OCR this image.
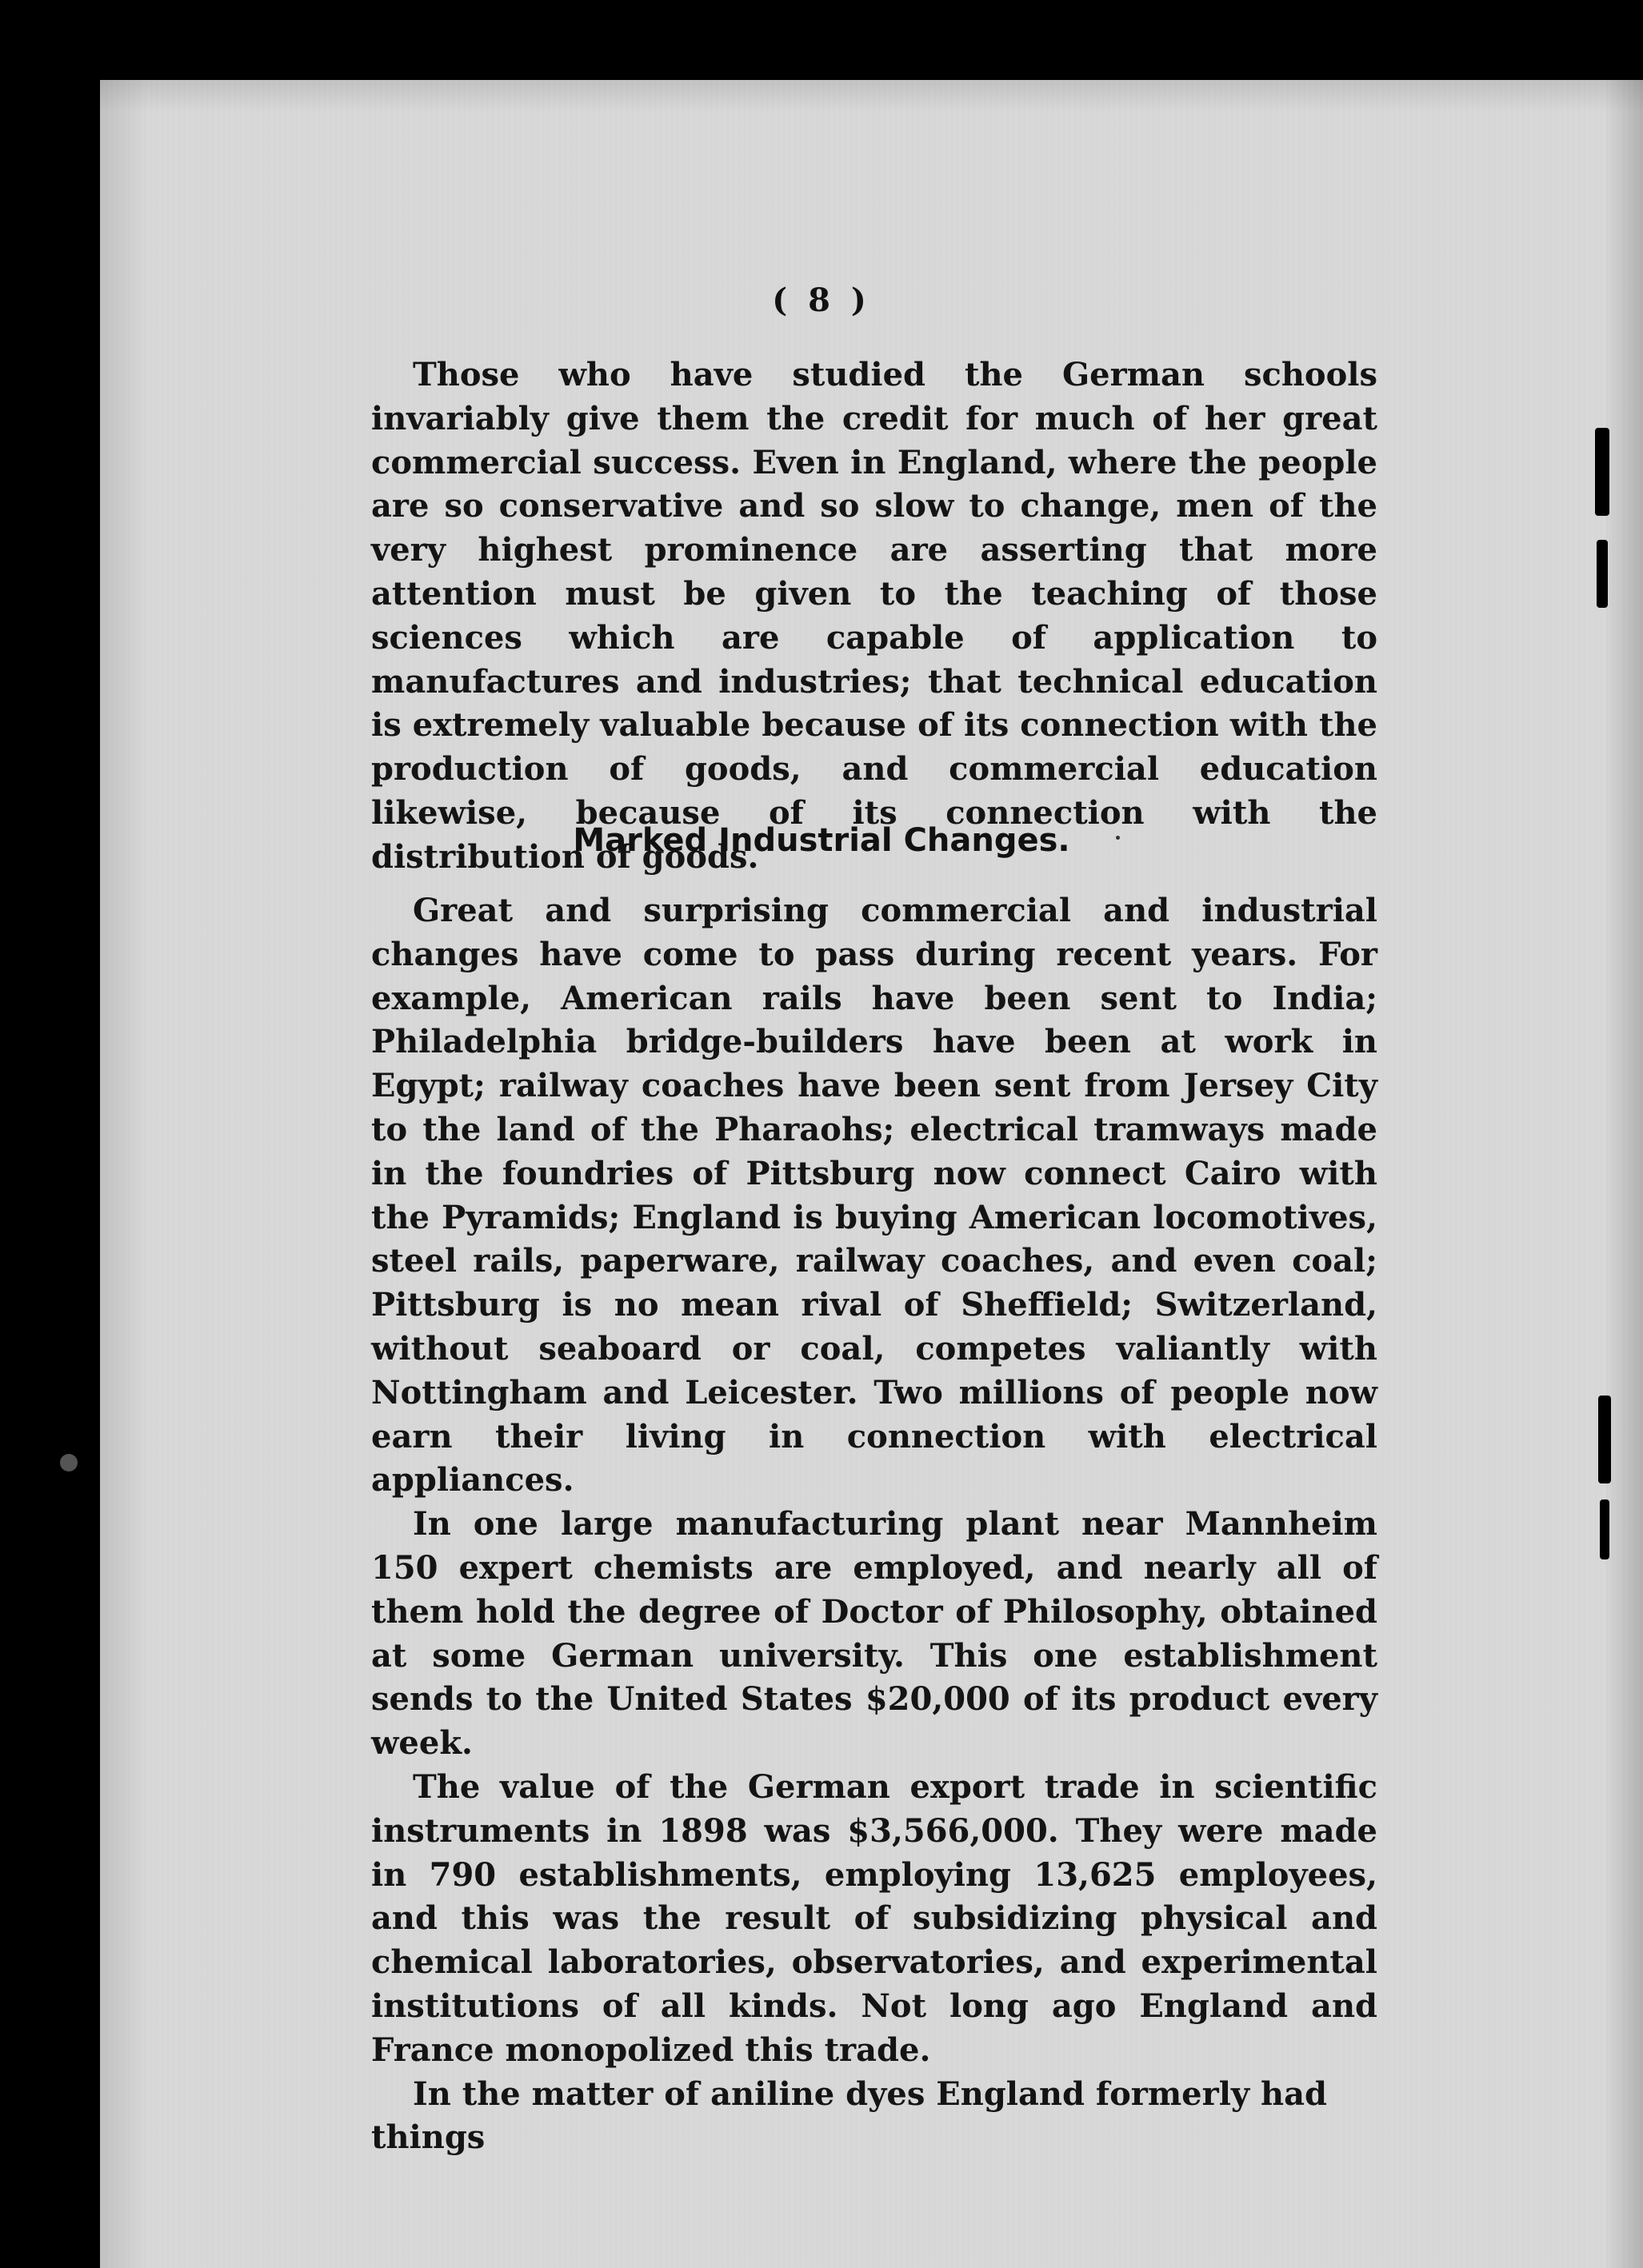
( 8 )

Those who have studied the German schools invariably give them the credit for much of her great commercial success. Even in England, where the people are so conservative and so slow to change, men of the very highest prominence are asserting that more attention must be given to the teaching of those sciences which are capable of application to manufactures and industries; that technical education is extremely valuable because of its connection with the production of goods, and commercial education likewise, because of its connection with the distribution of goods.

Marked Industrial Changes.

Great and surprising commercial and industrial changes have come to pass during recent years. For example, American rails have been sent to India; Philadelphia bridge-builders have been at work in Egypt; railway coaches have been sent from Jersey City to the land of the Pharaohs; electrical tramways made in the foundries of Pittsburg now connect Cairo with the Pyramids; England is buying American locomotives, steel rails, paperware, railway coaches, and even coal; Pittsburg is no mean rival of Sheffield; Switzerland, without seaboard or coal, competes valiantly with Nottingham and Leicester. Two millions of people now earn their living in connection with electrical appliances.

In one large manufacturing plant near Mannheim 150 expert chemists are employed, and nearly all of them hold the degree of Doctor of Philosophy, obtained at some German university. This one establishment sends to the United States $20,000 of its product every week.

The value of the German export trade in scientific instruments in 1898 was $3,566,000. They were made in 790 establishments, employing 13,625 employees, and this was the result of subsidizing physical and chemical laboratories, observatories, and experimental institutions of all kinds. Not long ago England and France monopolized this trade.

In the matter of aniline dyes England formerly had things
